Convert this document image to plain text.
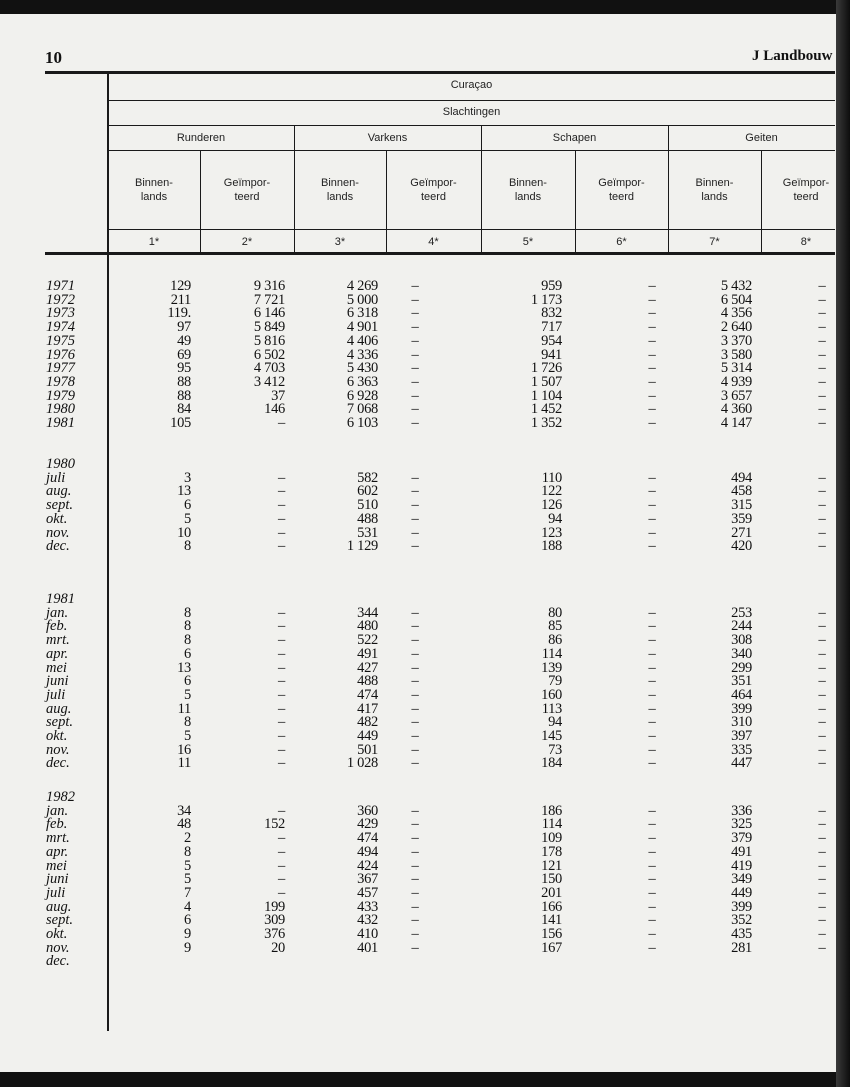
10	J Landbouw
Curaçao
Slachtingen
Runderen	Varkens	Schapen	Geiten
Binnen-
lands
1*
Geïmpor-
teerd
2*
Binnen-
lands
3*
Geïmpor-
teerd
4*
Binnen-
lands
5*
Geïmpor-
teerd
6*
Binnen-
lands
7*
Geïmpor-
teerd
8*
1971	129	9 316	4 269	–	959	–	5 432	–
1972	211	7 721	5 000	–	1 173	–	6 504	–
1973	119.	6 146	6 318	–	832	–	4 356	–
1974	97	5 849	4 901	–	717	–	2 640	–
1975	49	5 816	4 406	–	954	–	3 370	–
1976	69	6 502	4 336	–	941	–	3 580	–
1977	95	4 703	5 430	–	1 726	–	5 314	–
1978	88	3 412	6 363	–	1 507	–	4 939	–
1979	88	37	6 928	–	1 104	–	3 657	–
1980	84	146	7 068	–	1 452	–	4 360	–
1981	105	–	6 103	–	1 352	–	4 147	–
1980
juli	3	–	582	–	110	–	494	–
aug.	13	–	602	–	122	–	458	–
sept.	6	–	510	–	126	–	315	–
okt.	5	–	488	–	94	–	359	–
nov.	10	–	531	–	123	–	271	–
dec.	8	–	1 129	–	188	–	420	–
1981
jan.	8	–	344	–	80	–	253	–
feb.	8	–	480	–	85	–	244	–
mrt.	8	–	522	–	86	–	308	–
apr.	6	–	491	–	114	–	340	–
mei	13	–	427	–	139	–	299	–
juni	6	–	488	–	79	–	351	–
juli	5	–	474	–	160	–	464	–
aug.	11	–	417	–	113	–	399	–
sept.	8	–	482	–	94	–	310	–
okt.	5	–	449	–	145	–	397	–
nov.	16	–	501	–	73	–	335	–
dec.	11	–	1 028	–	184	–	447	–
1982
jan.	34	–	360	–	186	–	336	–
feb.	48	152	429	–	114	–	325	–
mrt.	2	–	474	–	109	–	379	–
apr.	8	–	494	–	178	–	491	–
mei	5	–	424	–	121	–	419	–
juni	5	–	367	–	150	–	349	–
juli	7	–	457	–	201	–	449	–
aug.	4	199	433	–	166	–	399	–
sept.	6	309	432	–	141	–	352	–
okt.	9	376	410	–	156	–	435	–
nov.	9	20	401	–	167	–	281	–
dec.
